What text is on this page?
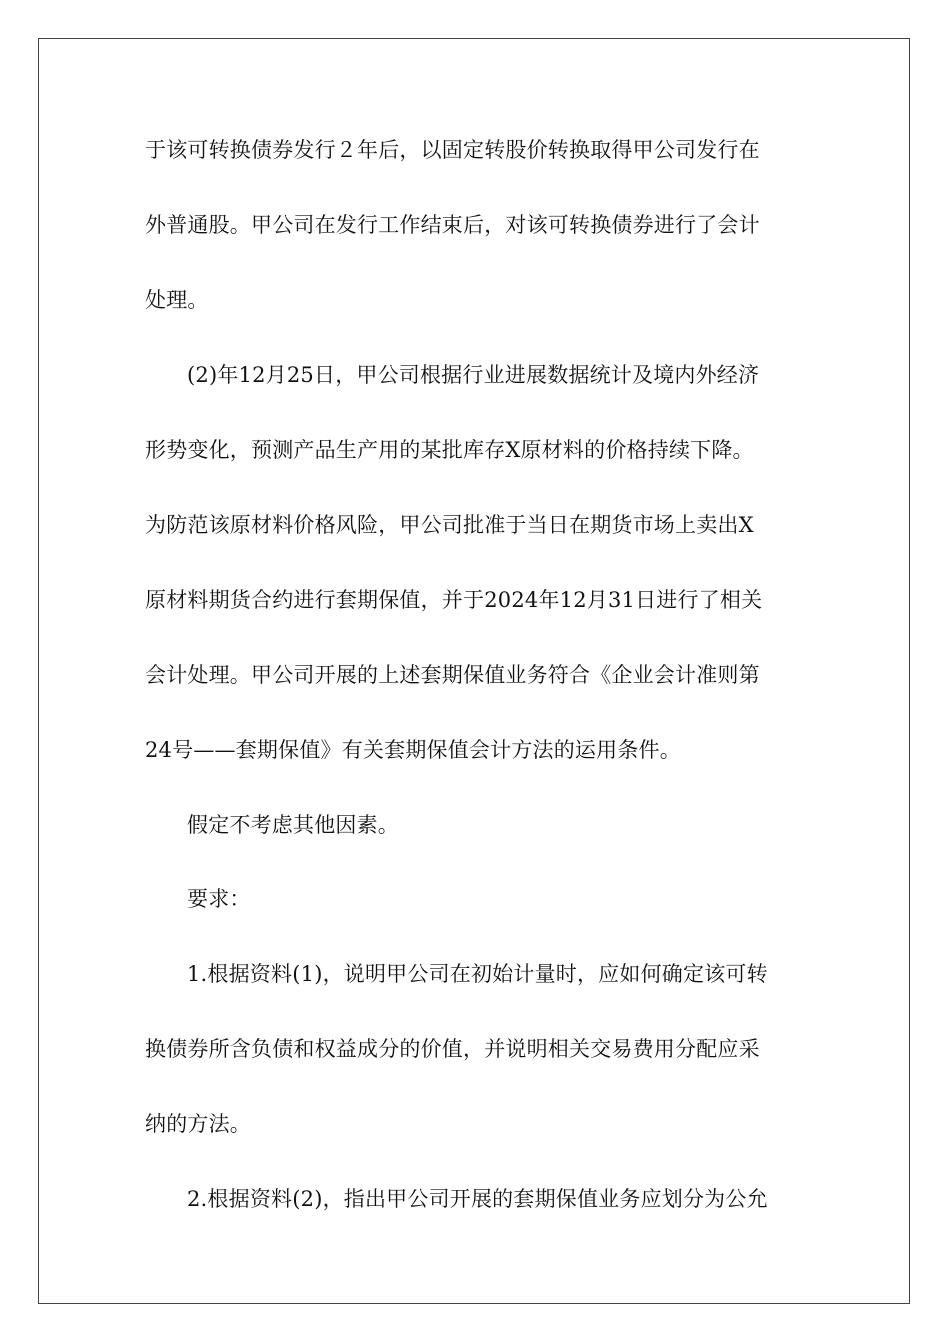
于该可转换债券发行２年后，以固定转股价转换取得甲公司发行在
外普通股。甲公司在发行工作结束后，对该可转换债券进行了会计
处理。
(2)年12月25日，甲公司根据行业进展数据统计及境内外经济
形势变化，预测产品生产用的某批库存X原材料的价格持续下降。
为防范该原材料价格风险，甲公司批准于当日在期货市场上卖出X
原材料期货合约进行套期保值，并于2024年12月31日进行了相关
会计处理。甲公司开展的上述套期保值业务符合《企业会计准则第
24号——套期保值》有关套期保值会计方法的运用条件。
假定不考虑其他因素。
要求：
1.根据资料(1)，说明甲公司在初始计量时，应如何确定该可转
换债券所含负债和权益成分的价值，并说明相关交易费用分配应采
纳的方法。
2.根据资料(2)，指出甲公司开展的套期保值业务应划分为公允
